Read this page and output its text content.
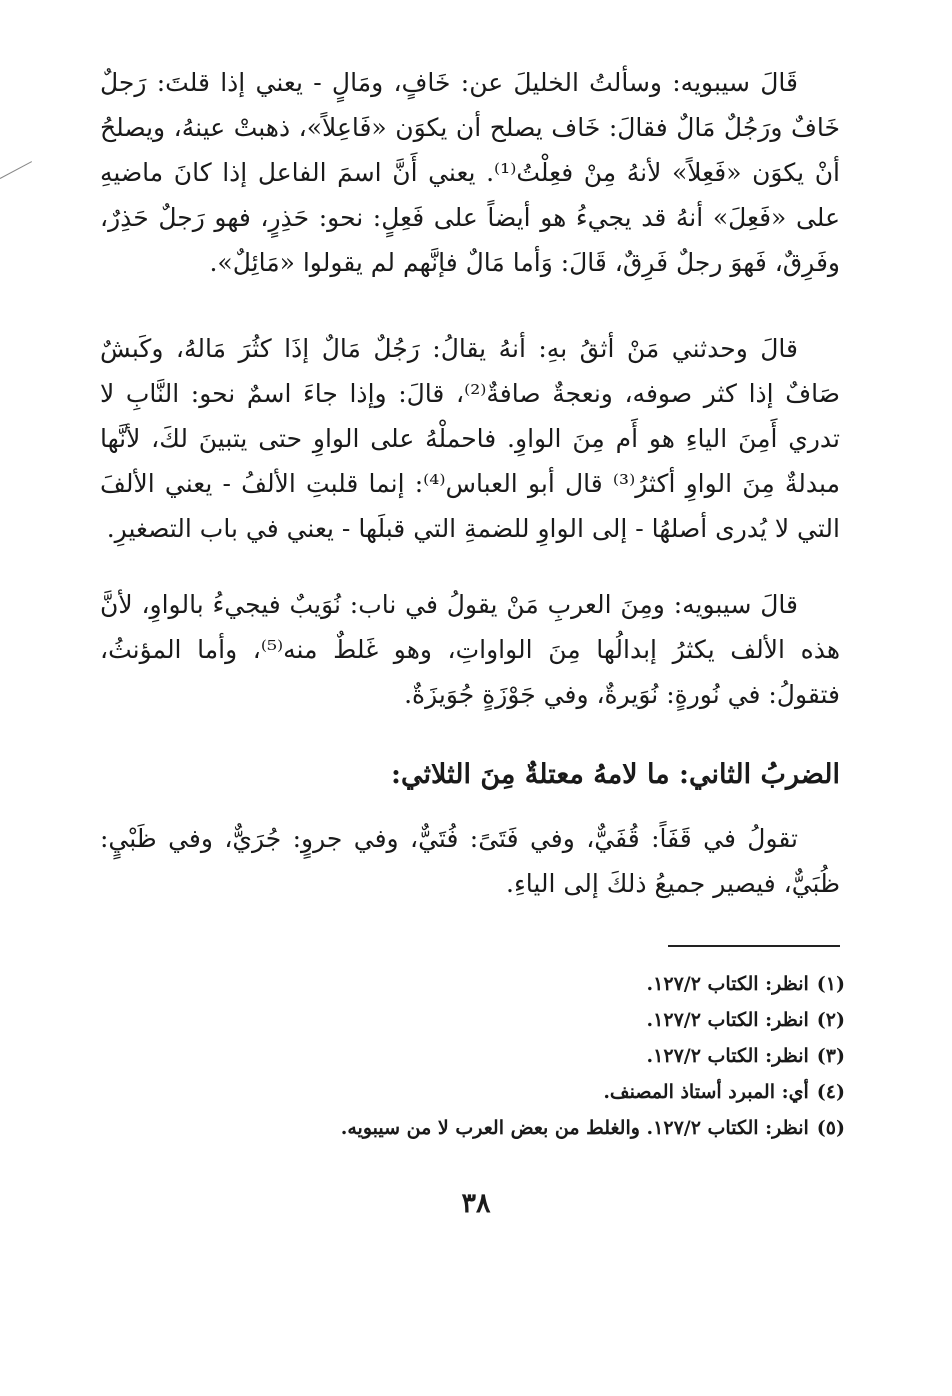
قَالَ سيبويه: وسألتُ الخليلَ عن: خَافٍ، ومَالٍ - يعني إذا قلتَ: رَجلٌ خَافٌ ورَجُلٌ مَالٌ فقالَ: خَاف يصلح أن يكوَن «فَاعِلاً»، ذهبتْ عينهُ، ويصلحُ أنْ يكوَن «فَعِلاً» لأنهُ مِنْ فعِلْتُ⁽¹⁾. يعني أَنَّ اسمَ الفاعل إذا كانَ ماضيهِ على «فَعِلَ» أنهُ قد يجيءُ هو أيضاً على فَعِلٍ: نحو: حَذِرٍ، فهو رَجلٌ حَذِرٌ، وفَرِقٌ، فَهوَ رجلٌ فَرِقٌ، قَالَ: وَأما مَالٌ فإنَّهم لم يقولوا «مَائِلٌ».

قالَ وحدثني مَنْ أثقُ بهِ: أنهُ يقالُ: رَجُلٌ مَالٌ إذَا كثُرَ مَالهُ، وكَبشٌ صَافٌ إذا كثر صوفه، ونعجةٌ صافةٌ⁽²⁾، قالَ: وإذا جاءَ اسمٌ نحو: النَّابِ لا تدري أَمِنَ الياءِ هو أَم مِنَ الواوِ. فاحملْهُ على الواوِ حتى يتبينَ لكَ، لأنَّها مبدلةٌ مِنَ الواوِ أكثرُ⁽³⁾ قال أبو العباس⁽⁴⁾: إنما قلبتِ الألفُ - يعني الألفَ التي لا يُدرى أصلهُا - إلى الواوِ للضمةِ التي قبلَها - يعني في باب التصغيرِ.

قالَ سيبويه: ومِنَ العربِ مَنْ يقولُ في ناب: نُوَيبٌ فيجيءُ بالواوِ، لأنَّ هذه الألف يكثرُ إبدالُها مِنَ الواواتِ، وهو غَلطٌ منه⁽⁵⁾، وأما المؤنثُ، فتقولُ: في نُورةٍ: نُوَيرةٌ، وفي جَوْزَةٍ جُوَيزَةٌ.

الضربُ الثاني: ما لامهُ معتلةٌ مِنَ الثلاثي:

تقولُ في قَفَاً: قُفَيٌّ، وفي فَتَىً: فُتَيٌّ، وفي جروٍ: جُرَيٌّ، وفي ظَبْيٍ: ظُبَيٌّ، فيصير جميعُ ذلكَ إلى الياءِ.

(١)انظر: الكتاب ١٢٧/٢.
(٢)انظر: الكتاب ١٢٧/٢.
(٣)انظر: الكتاب ١٢٧/٢.
(٤)أي: المبرد أستاذ المصنف.
(٥)انظر: الكتاب ١٢٧/٢. والغلط من بعض العرب لا من سيبويه.
٣٨
